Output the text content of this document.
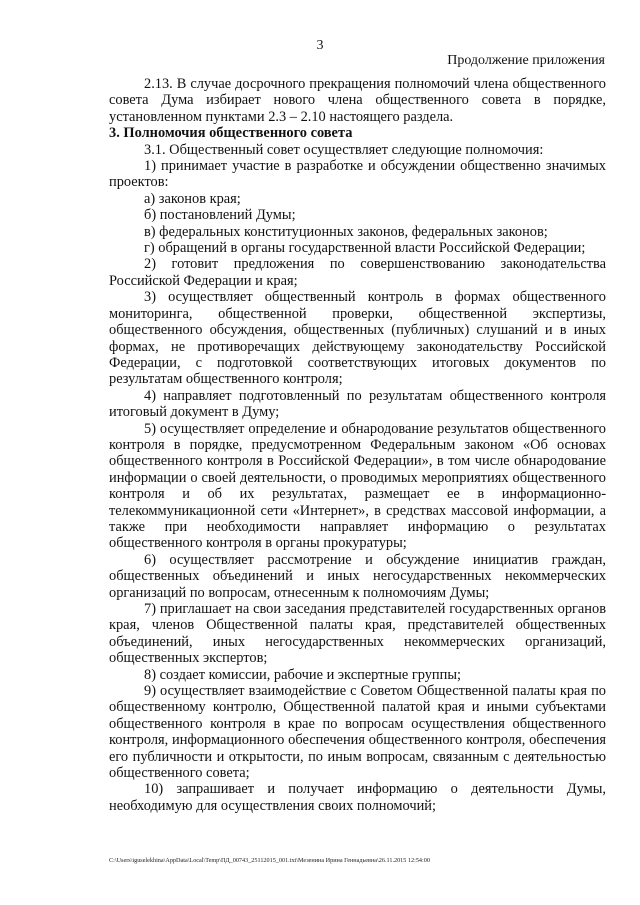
3
Продолжение приложения

2.13. В случае досрочного прекращения полномочий члена общественного совета Дума избирает нового члена общественного совета в порядке, установленном пунктами 2.3 – 2.10 настоящего раздела.

3. Полномочия общественного совета

3.1. Общественный совет осуществляет следующие полномочия:

1) принимает участие в разработке и обсуждении общественно значимых проектов:

а) законов края;

б) постановлений Думы;

в) федеральных конституционных законов, федеральных законов;

г) обращений в органы государственной власти Российской Федерации;

2) готовит предложения по совершенствованию законодательства Российской Федерации и края;

3) осуществляет общественный контроль в формах общественного мониторинга, общественной проверки, общественной экспертизы, общественного обсуждения, общественных (публичных) слушаний и в иных формах, не противоречащих действующему законодательству Российской Федерации, с подготовкой соответствующих итоговых документов по результатам общественного контроля;

4) направляет подготовленный по результатам общественного контроля итоговый документ в Думу;

5) осуществляет определение и обнародование результатов общественного контроля в порядке, предусмотренном Федеральным законом «Об основах общественного контроля в Российской Федерации», в том числе обнародование информации о своей деятельности, о проводимых мероприятиях общественного контроля и об их результатах, размещает ее в информационно-телекоммуникационной сети «Интернет», в средствах массовой информации, а также при необходимости направляет информацию о результатах общественного контроля в органы прокуратуры;

6) осуществляет рассмотрение и обсуждение инициатив граждан, общественных объединений и иных негосударственных некоммерческих организаций по вопросам, отнесенным к полномочиям Думы;

7) приглашает на свои заседания представителей государственных органов края, членов Общественной палаты края, представителей общественных объединений, иных негосударственных некоммерческих организаций, общественных экспертов;

8) создает комиссии, рабочие и экспертные группы;

9) осуществляет взаимодействие с Советом Общественной палаты края по общественному контролю, Общественной палатой края и иными субъектами общественного контроля в крае по вопросам осуществления общественного контроля, информационного обеспечения общественного контроля, обеспечения его публичности и открытости, по иным вопросам, связанным с деятельностью общественного совета;

10) запрашивает и получает информацию о деятельности Думы, необходимую для осуществления своих полномочий;

C:\Users\iguselekhina\AppData\Local\Temp\ПД_00743_25112015_001.txt\Мезенина Ирина Геннадьевна\26.11.2015 12:54:00
